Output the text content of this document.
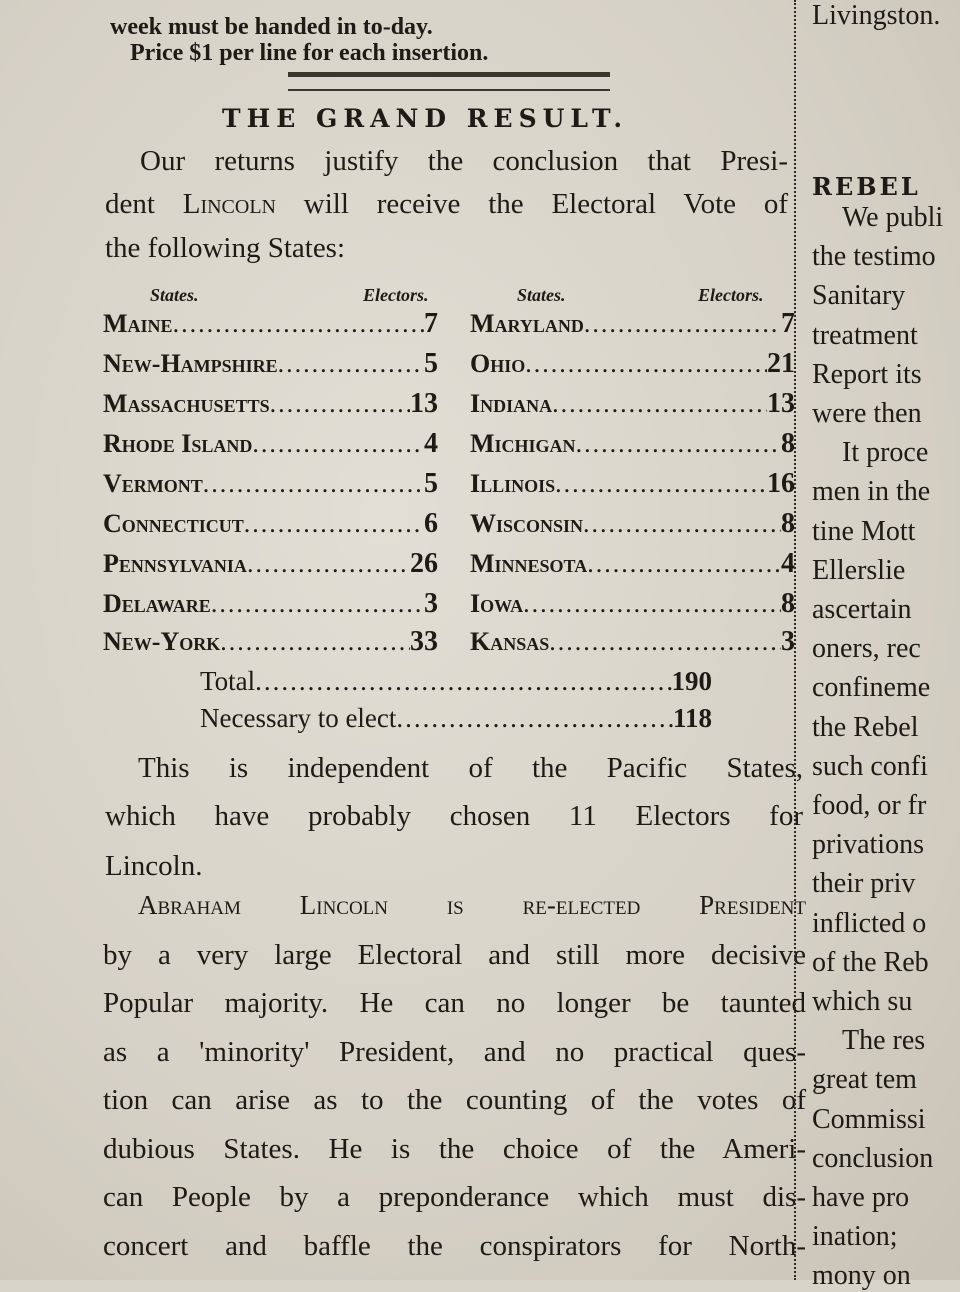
week must be handed in to-day.
Price $1 per line for each insertion.
THE GRAND RESULT.
Our returns justify the conclusion that Presi-
dent Lincoln will receive the Electoral Vote of
the following States:
States.	Electors.	States.	Electors.
Maine .....	7
New-Hampshire .....	5
Massachusetts .....	13
Rhode Island .....	4
Vermont .....	5
Connecticut .....	6
Pennsylvania .....	26
Delaware .....	3
New-York .....	33
Maryland .....	7
Ohio .....	21
Indiana .....	13
Michigan .....	8
Illinois .....	16
Wisconsin .....	8
Minnesota .....	4
Iowa .....	8
Kansas .....	3
Total .....	190
Necessary to elect .....	118
This is independent of the Pacific States,
which have probably chosen 11 Electors for
Lincoln.
Abraham Lincoln is re-elected President
by a very large Electoral and still more decisive
Popular majority. He can no longer be taunted
as a 'minority' President, and no practical ques-
tion can arise as to the counting of the votes of
dubious States. He is the choice of the Ameri-
can People by a preponderance which must dis-
concert and baffle the conspirators for North-
Livingston.
REBEL
We publi
the testimo
Sanitary
treatment
Report its
were then
It proce
men in the
tine Mott
Ellerslie
ascertain
oners, rec
confineme
the Rebel
such confi
food, or fr
privations
their priv
inflicted o
of the Reb
which su
The res
great tem
Commissi
conclusion
have pro
ination;
mony on
